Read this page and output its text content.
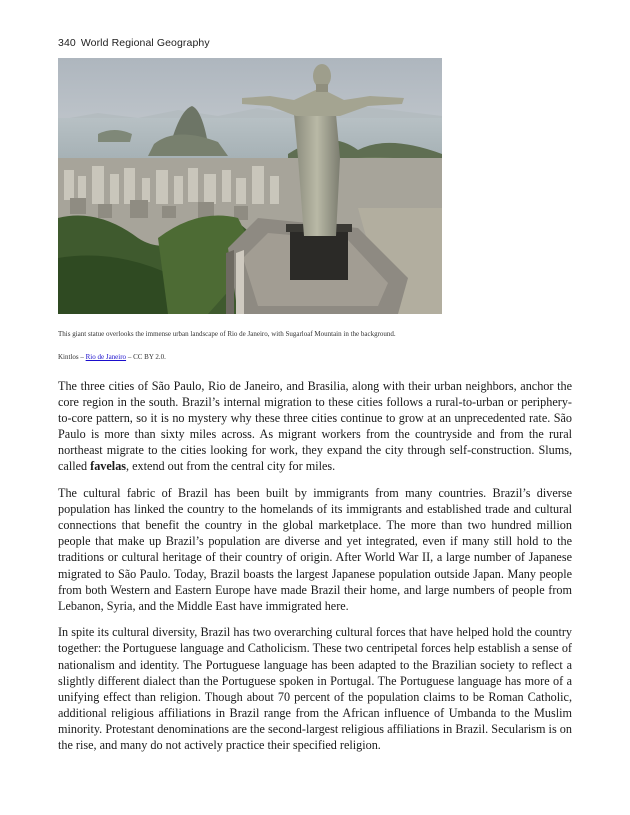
340 World Regional Geography
This giant statue overlooks the immense urban landscape of Rio de Janeiro, with Sugarloaf Mountain in the background.
Kintlos – Rio de Janeiro – CC BY 2.0.

The three cities of São Paulo, Rio de Janeiro, and Brasilia, along with their urban neighbors, anchor the core region in the south. Brazil’s internal migration to these cities follows a rural-to-urban or periphery-to-core pattern, so it is no mystery why these three cities continue to grow at an unprecedented rate. São Paulo is more than sixty miles across. As migrant workers from the countryside and from the rural northeast migrate to the cities looking for work, they expand the city through self-construction. Slums, called favelas, extend out from the central city for miles.

The cultural fabric of Brazil has been built by immigrants from many countries. Brazil’s diverse population has linked the country to the homelands of its immigrants and established trade and cultural connections that benefit the country in the global marketplace. The more than two hundred million people that make up Brazil’s population are diverse and yet integrated, even if many still hold to the traditions or cultural heritage of their country of origin. After World War II, a large number of Japanese migrated to São Paulo. Today, Brazil boasts the largest Japanese population outside Japan. Many people from both Western and Eastern Europe have made Brazil their home, and large numbers of people from Lebanon, Syria, and the Middle East have immigrated here.

In spite its cultural diversity, Brazil has two overarching cultural forces that have helped hold the country together: the Portuguese language and Catholicism. These two centripetal forces help establish a sense of nationalism and identity. The Portuguese language has been adapted to the Brazilian society to reflect a slightly different dialect than the Portuguese spoken in Portugal. The Portuguese language has more of a unifying effect than religion. Though about 70 percent of the population claims to be Roman Catholic, additional religious affiliations in Brazil range from the African influence of Umbanda to the Muslim minority. Protestant denominations are the second-largest religious affiliations in Brazil. Secularism is on the rise, and many do not actively practice their specified religion.
